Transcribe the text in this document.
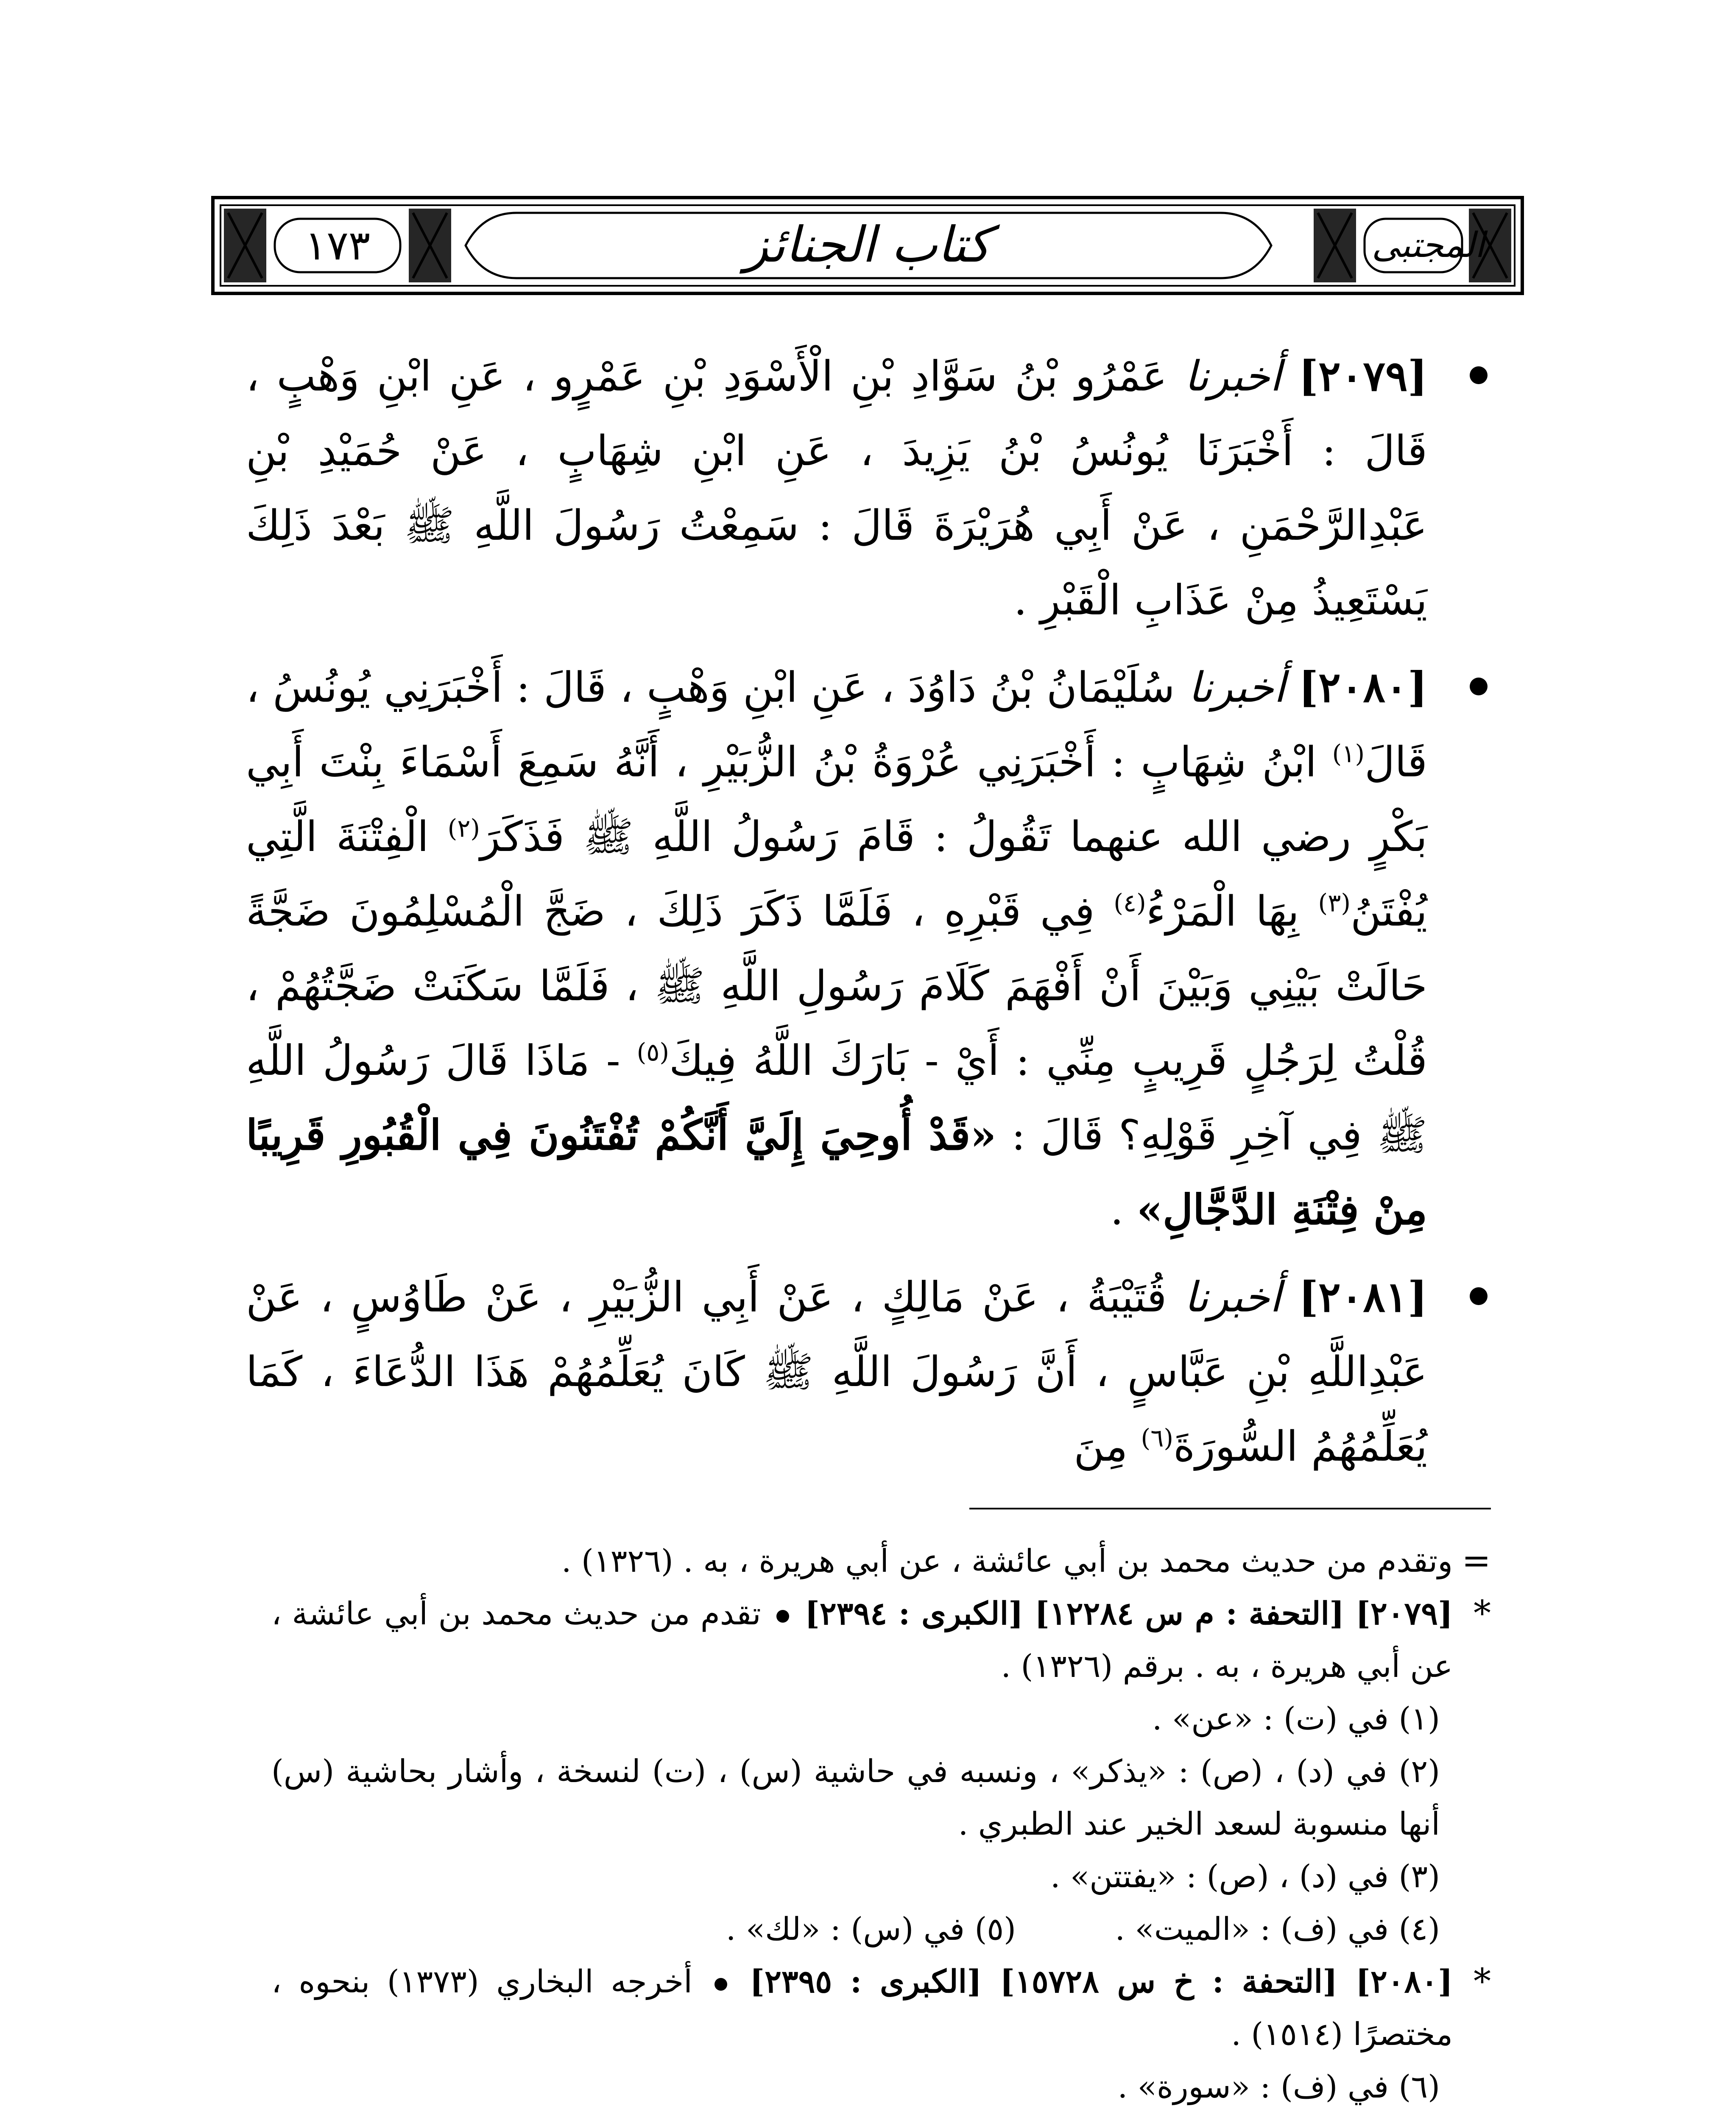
١٧٣	كتاب الجنائز	المجتبى
[٢٠٧٩] أخبرنا عَمْرُو بْنُ سَوَّادِ بْنِ الْأَسْوَدِ بْنِ عَمْرٍو ، عَنِ ابْنِ وَهْبٍ ، قَالَ : أَخْبَرَنَا يُونُسُ بْنُ يَزِيدَ ، عَنِ ابْنِ شِهَابٍ ، عَنْ حُمَيْدِ بْنِ عَبْدِالرَّحْمَنِ ، عَنْ أَبِي هُرَيْرَةَ قَالَ : سَمِعْتُ رَسُولَ اللَّهِ ﷺ بَعْدَ ذَلِكَ يَسْتَعِيذُ مِنْ عَذَابِ الْقَبْرِ .
[٢٠٨٠] أخبرنا سُلَيْمَانُ بْنُ دَاوُدَ ، عَنِ ابْنِ وَهْبٍ ، قَالَ : أَخْبَرَنِي يُونُسُ ، قَالَ$^{(١)}$ ابْنُ شِهَابٍ : أَخْبَرَنِي عُرْوَةُ بْنُ الزُّبَيْرِ ، أَنَّهُ سَمِعَ أَسْمَاءَ بِنْتَ أَبِي بَكْرٍ رضي الله عنهما تَقُولُ : قَامَ رَسُولُ اللَّهِ ﷺ فَذَكَرَ$^{(٢)}$ الْفِتْنَةَ الَّتِي يُفْتَنُ$^{(٣)}$ بِهَا الْمَرْءُ$^{(٤)}$ فِي قَبْرِهِ ، فَلَمَّا ذَكَرَ ذَلِكَ ، ضَجَّ الْمُسْلِمُونَ ضَجَّةً حَالَتْ بَيْنِي وَبَيْنَ أَنْ أَفْهَمَ كَلَامَ رَسُولِ اللَّهِ ﷺ ، فَلَمَّا سَكَنَتْ ضَجَّتُهُمْ ، قُلْتُ لِرَجُلٍ قَرِيبٍ مِنِّي : أَيْ - بَارَكَ اللَّهُ فِيكَ$^{(٥)}$ - مَاذَا قَالَ رَسُولُ اللَّهِ ﷺ فِي آخِرِ قَوْلِهِ؟ قَالَ : «قَدْ أُوحِيَ إِلَيَّ أَنَّكُمْ تُفْتَنُونَ فِي الْقُبُورِ قَرِيبًا مِنْ فِتْنَةِ الدَّجَّالِ» .
[٢٠٨١] أخبرنا قُتَيْبَةُ ، عَنْ مَالِكٍ ، عَنْ أَبِي الزُّبَيْرِ ، عَنْ طَاوُسٍ ، عَنْ عَبْدِاللَّهِ بْنِ عَبَّاسٍ ، أَنَّ رَسُولَ اللَّهِ ﷺ كَانَ يُعَلِّمُهُمْ هَذَا الدُّعَاءَ ، كَمَا يُعَلِّمُهُمُ السُّورَةَ$^{(٦)}$ مِنَ
=
وتقدم من حديث محمد بن أبي عائشة ، عن أبي هريرة ، به . (١٣٢٦) .
*
[٢٠٧٩] [التحفة : م س ١٢٢٨٤] [الكبرى : ٢٣٩٤]  تقدم من حديث محمد بن أبي عائشة ، عن أبي هريرة ، به . برقم (١٣٢٦) .
(١) في (ت) : «عن» .
(٢) في (د) ، (ص) : «يذكر» ، ونسبه في حاشية (س) ، (ت) لنسخة ، وأشار بحاشية (س) أنها منسوبة لسعد الخير عند الطبري .
(٣) في (د) ، (ص) : «يفتتن» .
(٤) في (ف) : «الميت» .
(٥) في (س) : «لك» .
*
[٢٠٨٠] [التحفة : خ س ١٥٧٢٨] [الكبرى : ٢٣٩٥]  أخرجه البخاري (١٣٧٣) بنحوه ، مختصرًا (١٥١٤) .
(٦) في (ف) : «سورة» .
